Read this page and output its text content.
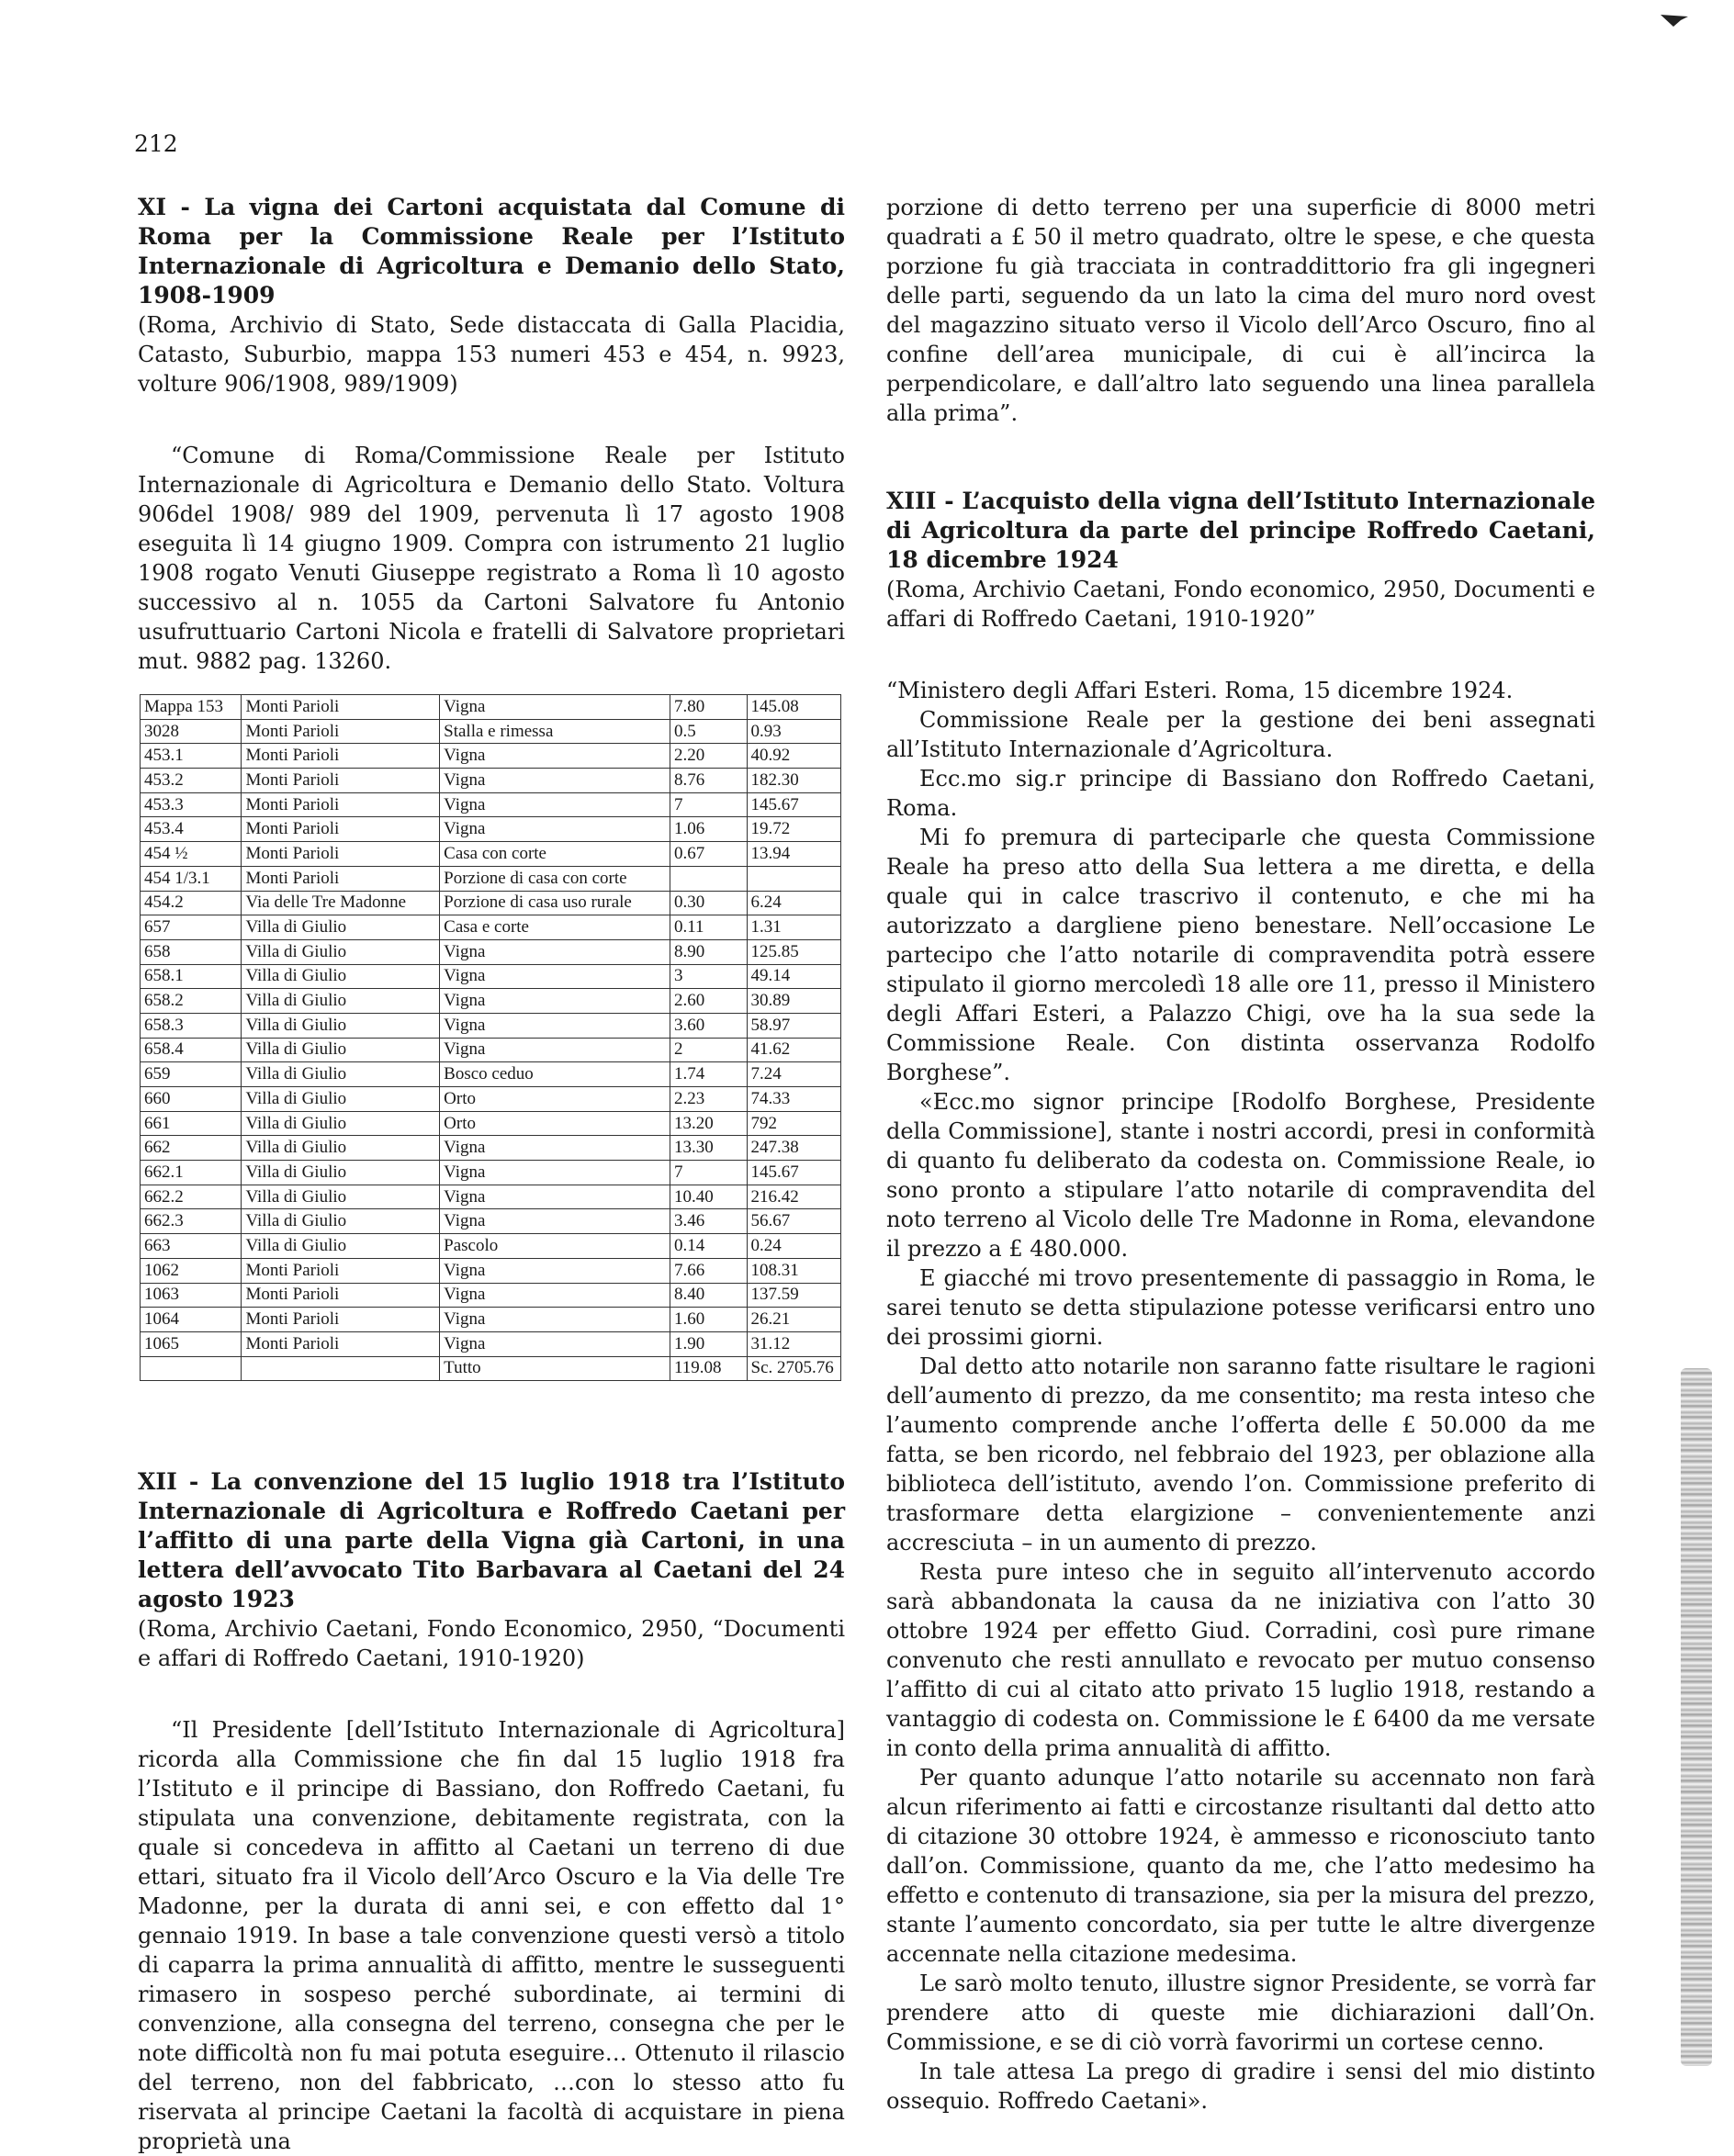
212
XI - La vigna dei Cartoni acquistata dal Comune di Roma per la Commissione Reale per l’Istituto Internazionale di Agricoltura e Demanio dello Stato, 1908-1909
(Roma, Archivio di Stato, Sede distaccata di Galla Placidia, Catasto, Suburbio, mappa 153 numeri 453 e 454, n. 9923, volture 906/1908, 989/1909)

“Comune di Roma/Commissione Reale per Istituto Internazionale di Agricoltura e Demanio dello Stato. Voltura 906del 1908/ 989 del 1909, pervenuta lì 17 agosto 1908 eseguita lì 14 giugno 1909. Compra con istrumento 21 luglio 1908 rogato Venuti Giuseppe registrato a Roma lì 10 agosto successivo al n. 1055 da Cartoni Salvatore fu Antonio usufruttuario Cartoni Nicola e fratelli di Salvatore proprietari mut. 9882 pag. 13260.

Mappa 153	Monti Parioli	Vigna	7.80	145.08
3028	Monti Parioli	Stalla e rimessa	0.5	0.93
453.1	Monti Parioli	Vigna	2.20	40.92
453.2	Monti Parioli	Vigna	8.76	182.30
453.3	Monti Parioli	Vigna	7	145.67
453.4	Monti Parioli	Vigna	1.06	19.72
454 ½	Monti Parioli	Casa con corte	0.67	13.94
454 1/3.1	Monti Parioli	Porzione di casa con corte		
454.2	Via delle Tre Madonne	Porzione di casa uso rurale	0.30	6.24
657	Villa di Giulio	Casa e corte	0.11	1.31
658	Villa di Giulio	Vigna	8.90	125.85
658.1	Villa di Giulio	Vigna	3	49.14
658.2	Villa di Giulio	Vigna	2.60	30.89
658.3	Villa di Giulio	Vigna	3.60	58.97
658.4	Villa di Giulio	Vigna	2	41.62
659	Villa di Giulio	Bosco ceduo	1.74	7.24
660	Villa di Giulio	Orto	2.23	74.33
661	Villa di Giulio	Orto	13.20	792
662	Villa di Giulio	Vigna	13.30	247.38
662.1	Villa di Giulio	Vigna	7	145.67
662.2	Villa di Giulio	Vigna	10.40	216.42
662.3	Villa di Giulio	Vigna	3.46	56.67
663	Villa di Giulio	Pascolo	0.14	0.24
1062	Monti Parioli	Vigna	7.66	108.31
1063	Monti Parioli	Vigna	8.40	137.59
1064	Monti Parioli	Vigna	1.60	26.21
1065	Monti Parioli	Vigna	1.90	31.12
		Tutto	119.08	Sc. 2705.76
XII - La convenzione del 15 luglio 1918 tra l’Istituto Internazionale di Agricoltura e Roffredo Caetani per l’affitto di una parte della Vigna già Cartoni, in una lettera dell’avvocato Tito Barbavara al Caetani del 24 agosto 1923
(Roma, Archivio Caetani, Fondo Economico, 2950, “Documenti e affari di Roffredo Caetani, 1910-1920)

“Il Presidente [dell’Istituto Internazionale di Agricoltura] ricorda alla Commissione che fin dal 15 luglio 1918 fra l’Istituto e il principe di Bassiano, don Roffredo Caetani, fu stipulata una convenzione, debitamente registrata, con la quale si concedeva in affitto al Caetani un terreno di due ettari, situato fra il Vicolo dell’Arco Oscuro e la Via delle Tre Madonne, per la durata di anni sei, e con effetto dal 1° gennaio 1919. In base a tale convenzione questi versò a titolo di caparra la prima annualità di affitto, mentre le susseguenti rimasero in sospeso perché subordinate, ai termini di convenzione, alla consegna del terreno, consegna che per le note difficoltà non fu mai potuta eseguire… Ottenuto il rilascio del terreno, non del fabbricato, …con lo stesso atto fu riservata al principe Caetani la facoltà di acquistare in piena proprietà una

porzione di detto terreno per una superficie di 8000 metri quadrati a £ 50 il metro quadrato, oltre le spese, e che questa porzione fu già tracciata in contraddittorio fra gli ingegneri delle parti, seguendo da un lato la cima del muro nord ovest del magazzino situato verso il Vicolo dell’Arco Oscuro, fino al confine dell’area municipale, di cui è all’incirca la perpendicolare, e dall’altro lato seguendo una linea parallela alla prima”.

XIII - L’acquisto della vigna dell’Istituto Internazionale di Agricoltura da parte del principe Roffredo Caetani, 18 dicembre 1924
(Roma, Archivio Caetani, Fondo economico, 2950, Documenti e affari di Roffredo Caetani, 1910-1920”

“Ministero degli Affari Esteri. Roma, 15 dicembre 1924.

Commissione Reale per la gestione dei beni assegnati all’Istituto Internazionale d’Agricoltura.

Ecc.mo sig.r principe di Bassiano don Roffredo Caetani, Roma.

Mi fo premura di parteciparle che questa Commissione Reale ha preso atto della Sua lettera a me diretta, e della quale qui in calce trascrivo il contenuto, e che mi ha autorizzato a dargliene pieno benestare. Nell’occasione Le partecipo che l’atto notarile di compravendita potrà essere stipulato il giorno mercoledì 18 alle ore 11, presso il Ministero degli Affari Esteri, a Palazzo Chigi, ove ha la sua sede la Commissione Reale. Con distinta osservanza Rodolfo Borghese”.

«Ecc.mo signor principe [Rodolfo Borghese, Presidente della Commissione], stante i nostri accordi, presi in conformità di quanto fu deliberato da codesta on. Commissione Reale, io sono pronto a stipulare l’atto notarile di compravendita del noto terreno al Vicolo delle Tre Madonne in Roma, elevandone il prezzo a £ 480.000.

E giacché mi trovo presentemente di passaggio in Roma, le sarei tenuto se detta stipulazione potesse verificarsi entro uno dei prossimi giorni.

Dal detto atto notarile non saranno fatte risultare le ragioni dell’aumento di prezzo, da me consentito; ma resta inteso che l’aumento comprende anche l’offerta delle £ 50.000 da me fatta, se ben ricordo, nel febbraio del 1923, per oblazione alla biblioteca dell’istituto, avendo l’on. Commissione preferito di trasformare detta elargizione – convenientemente anzi accresciuta – in un aumento di prezzo.

Resta pure inteso che in seguito all’intervenuto accordo sarà abbandonata la causa da ne iniziativa con l’atto 30 ottobre 1924 per effetto Giud. Corradini, così pure rimane convenuto che resti annullato e revocato per mutuo consenso l’affitto di cui al citato atto privato 15 luglio 1918, restando a vantaggio di codesta on. Commissione le £ 6400 da me versate in conto della prima annualità di affitto.

Per quanto adunque l’atto notarile su accennato non farà alcun riferimento ai fatti e circostanze risultanti dal detto atto di citazione 30 ottobre 1924, è ammesso e riconosciuto tanto dall’on. Commissione, quanto da me, che l’atto medesimo ha effetto e contenuto di transazione, sia per la misura del prezzo, stante l’aumento concordato, sia per tutte le altre divergenze accennate nella citazione medesima.

Le sarò molto tenuto, illustre signor Presidente, se vorrà far prendere atto di queste mie dichiarazioni dall’On. Commissione, e se di ciò vorrà favorirmi un cortese cenno.

In tale attesa La prego di gradire i sensi del mio distinto ossequio. Roffredo Caetani».
